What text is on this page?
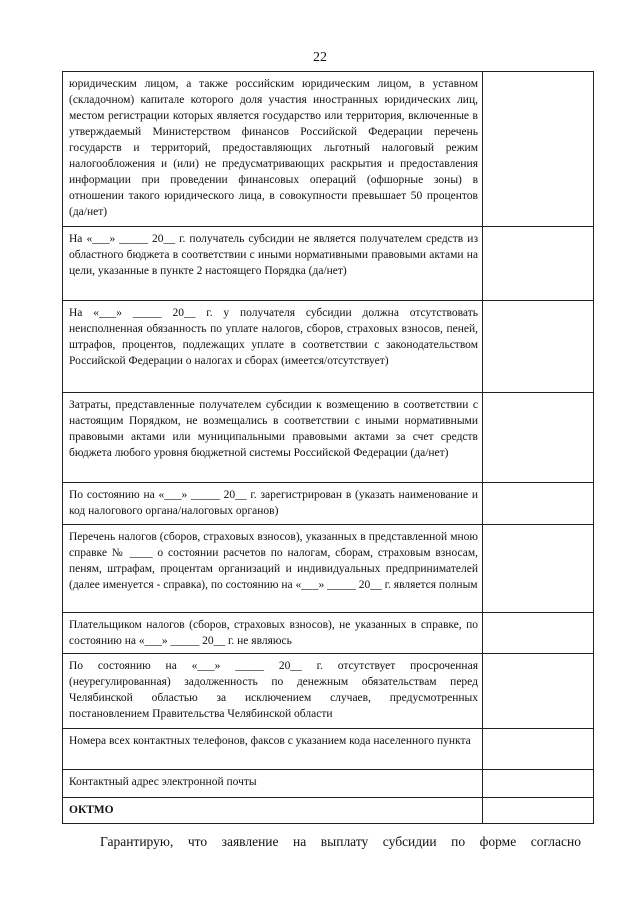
22
юридическим лицом, а также российским юридическим лицом, в уставном (складочном) капитале которого доля участия иностранных юридических лиц, местом регистрации которых является государство или территория, включенные в утверждаемый Министерством финансов Российской Федерации перечень государств и территорий, предоставляющих льготный налоговый режим налогообложения и (или) не предусматривающих раскрытия и предоставления информации при проведении финансовых операций (офшорные зоны) в отношении такого юридического лица, в совокупности превышает 50 процентов (да/нет)	
На «___» _____ 20__ г. получатель субсидии не является получателем средств из областного бюджета в соответствии с иными нормативными правовыми актами на цели, указанные в пункте 2 настоящего Порядка (да/нет)	
На «___» _____ 20__ г. у получателя субсидии должна отсутствовать неисполненная обязанность по уплате налогов, сборов, страховых взносов, пеней, штрафов, процентов, подлежащих уплате в соответствии с законодательством Российской Федерации о налогах и сборах (имеется/отсутствует)	
Затраты, представленные получателем субсидии к возмещению в соответствии с настоящим Порядком, не возмещались в соответствии с иными нормативными правовыми актами или муниципальными правовыми актами за счет средств бюджета любого уровня бюджетной системы Российской Федерации (да/нет)	
По состоянию на «___» _____ 20__ г. зарегистрирован в (указать наименование и код налогового органа/налоговых органов)	
Перечень налогов (сборов, страховых взносов), указанных в представленной мною справке № ____ о состоянии расчетов по налогам, сборам, страховым взносам, пеням, штрафам, процентам организаций и индивидуальных предпринимателей (далее именуется - справка), по состоянию на «___» _____ 20__ г. является полным	
Плательщиком налогов (сборов, страховых взносов), не указанных в справке, по состоянию на «___» _____ 20__ г. не являюсь	
По состоянию на «___» _____ 20__ г. отсутствует просроченная (неурегулированная) задолженность по денежным обязательствам перед Челябинской областью за исключением случаев, предусмотренных постановлением Правительства Челябинской области	
Номера всех контактных телефонов, факсов с указанием кода населенного пункта	
Контактный адрес электронной почты	
ОКТМО	
Гарантирую, что заявление на выплату субсидии по форме согласно
